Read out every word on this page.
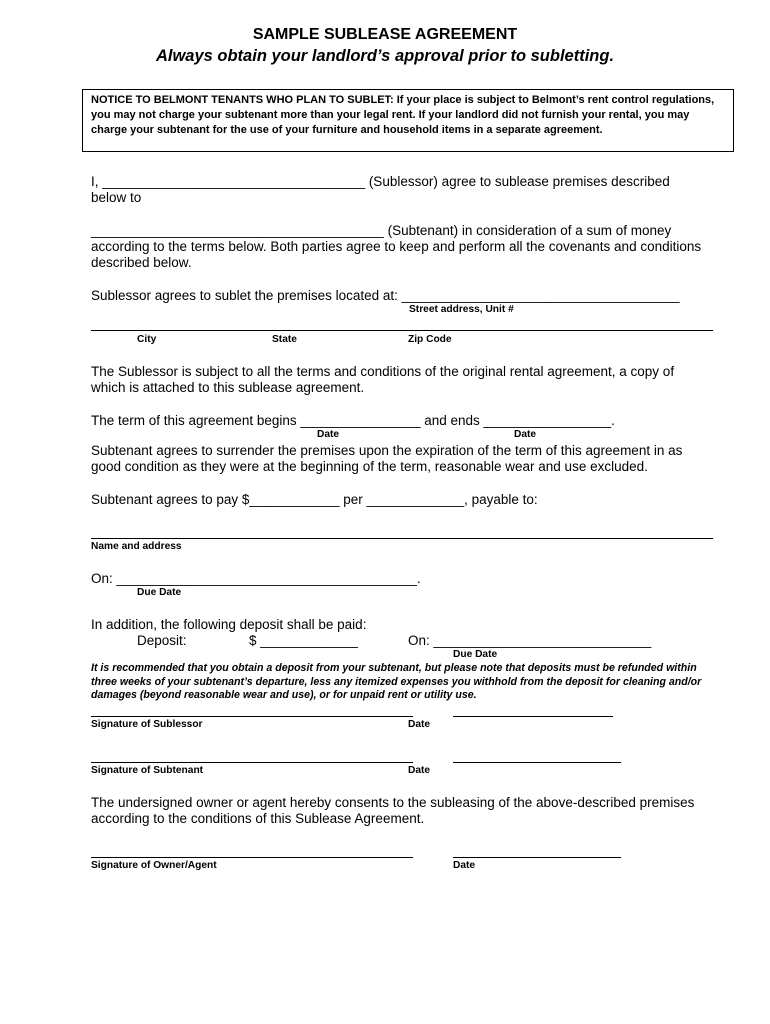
SAMPLE SUBLEASE AGREEMENT
Always obtain your landlord’s approval prior to subletting.
NOTICE TO BELMONT TENANTS WHO PLAN TO SUBLET: If your place is subject to Belmont’s rent control regulations, you may not charge your subtenant more than your legal rent. If your landlord did not furnish your rental, you may charge your subtenant for the use of your furniture and household items in a separate agreement.
I, ___________________________________ (Sublessor) agree to sublease premises described
below to
_______________________________________ (Subtenant) in consideration of a sum of money
according to the terms below. Both parties agree to keep and perform all the covenants and conditions
described below.
Sublessor agrees to sublet the premises located at: _____________________________________
Street address, Unit #
City	State	Zip Code
The Sublessor is subject to all the terms and conditions of the original rental agreement, a copy of
which is attached to this sublease agreement.
The term of this agreement begins ________________ and ends _________________.
Date	Date
Subtenant agrees to surrender the premises upon the expiration of the term of this agreement in as
good condition as they were at the beginning of the term, reasonable wear and use excluded.
Subtenant agrees to pay $____________ per _____________, payable to:
Name and address
On: ________________________________________.
Due Date
In addition, the following deposit shall be paid:
Deposit:	$ _____________	On: _____________________________
Due Date
It is recommended that you obtain a deposit from your subtenant, but please note that deposits must be refunded within three weeks of your subtenant’s departure, less any itemized expenses you withhold from the deposit for cleaning and/or damages (beyond reasonable wear and use), or for unpaid rent or utility use.
Signature of Sublessor	Date
Signature of Subtenant	Date
The undersigned owner or agent hereby consents to the subleasing of the above-described premises
according to the conditions of this Sublease Agreement.
Signature of Owner/Agent	Date
